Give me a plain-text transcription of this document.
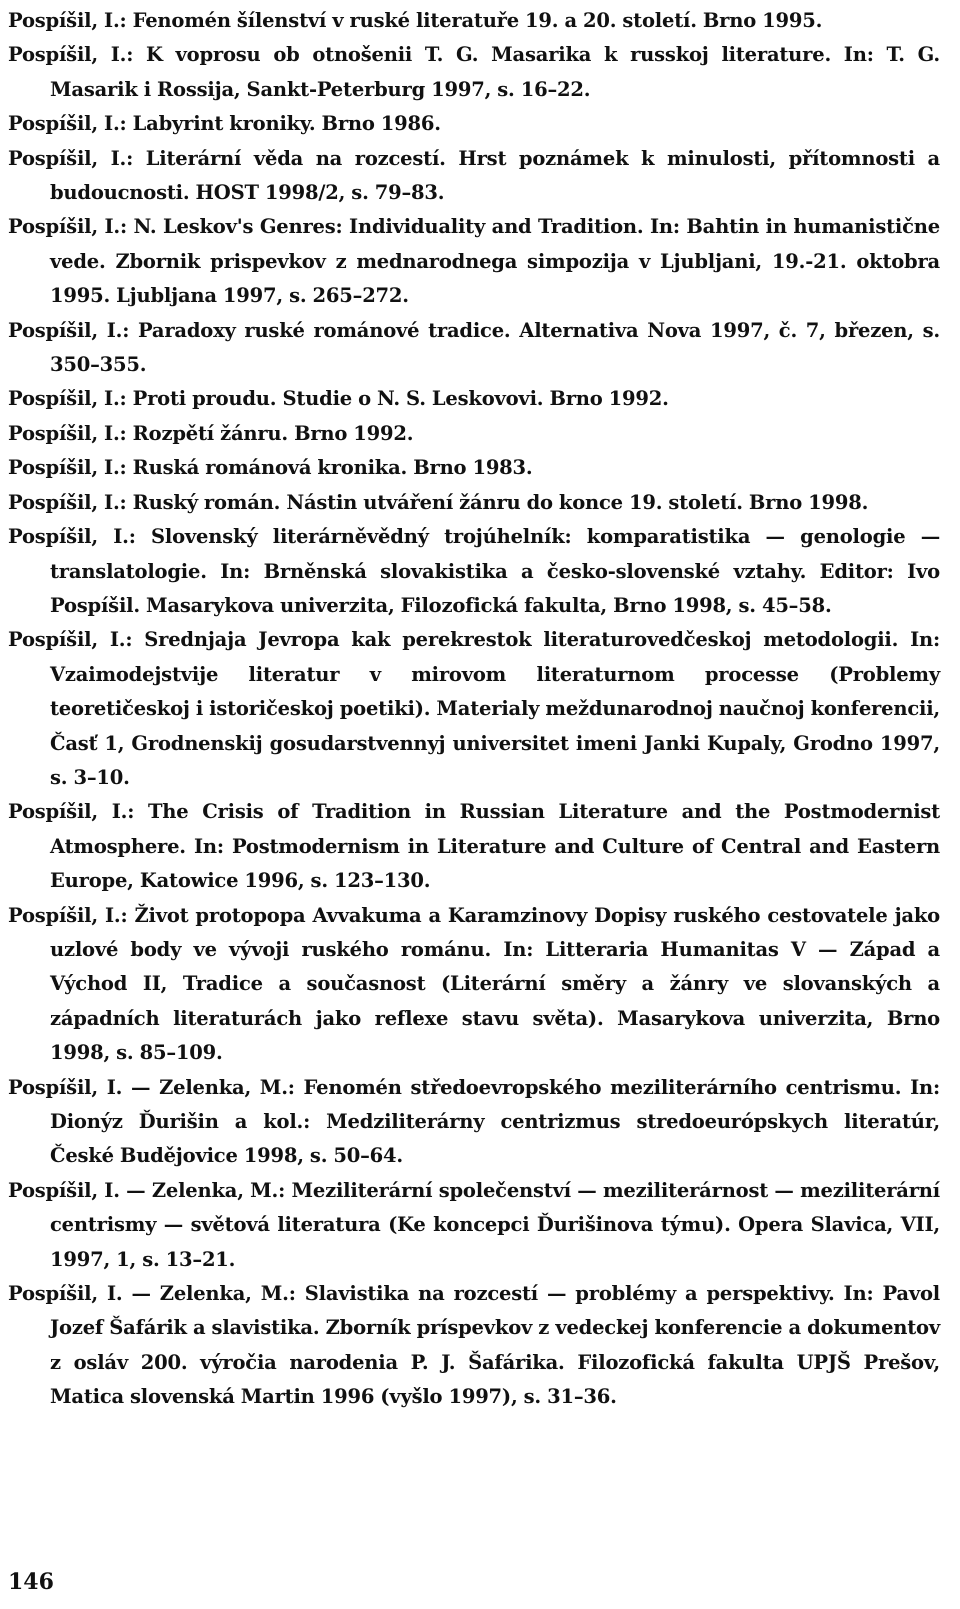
Pospíšil, I.: Fenomén šílenství v ruské literatuře 19. a 20. století. Brno 1995.

Pospíšil, I.: K voprosu ob otnošenii T. G. Masarika k russkoj literature. In: T. G. Masarik i Rossija, Sankt-Peterburg 1997, s. 16–22.

Pospíšil, I.: Labyrint kroniky. Brno 1986.

Pospíšil, I.: Literární věda na rozcestí. Hrst poznámek k minulosti, přítomnosti a budoucnosti. HOST 1998/2, s. 79–83.

Pospíšil, I.: N. Leskov's Genres: Individuality and Tradition. In: Bahtin in humanistične vede. Zbornik prispevkov z mednarodnega simpozija v Ljubljani, 19.-21. oktobra 1995. Ljubljana 1997, s. 265–272.

Pospíšil, I.: Paradoxy ruské románové tradice. Alternativa Nova 1997, č. 7, březen, s. 350–355.

Pospíšil, I.: Proti proudu. Studie o N. S. Leskovovi. Brno 1992.

Pospíšil, I.: Rozpětí žánru. Brno 1992.

Pospíšil, I.: Ruská románová kronika. Brno 1983.

Pospíšil, I.: Ruský román. Nástin utváření žánru do konce 19. století. Brno 1998.

Pospíšil, I.: Slovenský literárněvědný trojúhelník: komparatistika — genologie — translatologie. In: Brněnská slovakistika a česko-slovenské vztahy. Editor: Ivo Pospíšil. Masarykova univerzita, Filozofická fakulta, Brno 1998, s. 45–58.

Pospíšil, I.: Srednjaja Jevropa kak perekrestok literaturovedčeskoj metodologii. In: Vzaimodejstvije literatur v mirovom literaturnom processe (Problemy teoretičeskoj i istoričeskoj poetiki). Materialy meždunarodnoj naučnoj konferencii, Časť 1, Grodnenskij gosudarstvennyj universitet imeni Janki Kupaly, Grodno 1997, s. 3–10.

Pospíšil, I.: The Crisis of Tradition in Russian Literature and the Postmodernist Atmosphere. In: Postmodernism in Literature and Culture of Central and Eastern Europe, Katowice 1996, s. 123–130.

Pospíšil, I.: Život protopopa Avvakuma a Karamzinovy Dopisy ruského cestovatele jako uzlové body ve vývoji ruského románu. In: Litteraria Humanitas V — Západ a Východ II, Tradice a současnost (Literární směry a žánry ve slovanských a západních literaturách jako reflexe stavu světa). Masarykova univerzita, Brno 1998, s. 85–109.

Pospíšil, I. — Zelenka, M.: Fenomén středoevropského meziliterárního centrismu. In: Dionýz Ďurišin a kol.: Medziliterárny centrizmus stredoeurópskych literatúr, České Budějovice 1998, s. 50–64.

Pospíšil, I. — Zelenka, M.: Meziliterární společenství — meziliterárnost — meziliterární centrismy — světová literatura (Ke koncepci Ďurišinova týmu). Opera Slavica, VII, 1997, 1, s. 13–21.

Pospíšil, I. — Zelenka, M.: Slavistika na rozcestí — problémy a perspektivy. In: Pavol Jozef Šafárik a slavistika. Zborník príspevkov z vedeckej konferencie a dokumentov z osláv 200. výročia narodenia P. J. Šafárika. Filozofická fakulta UPJŠ Prešov, Matica slovenská Martin 1996 (vyšlo 1997), s. 31–36.

146
